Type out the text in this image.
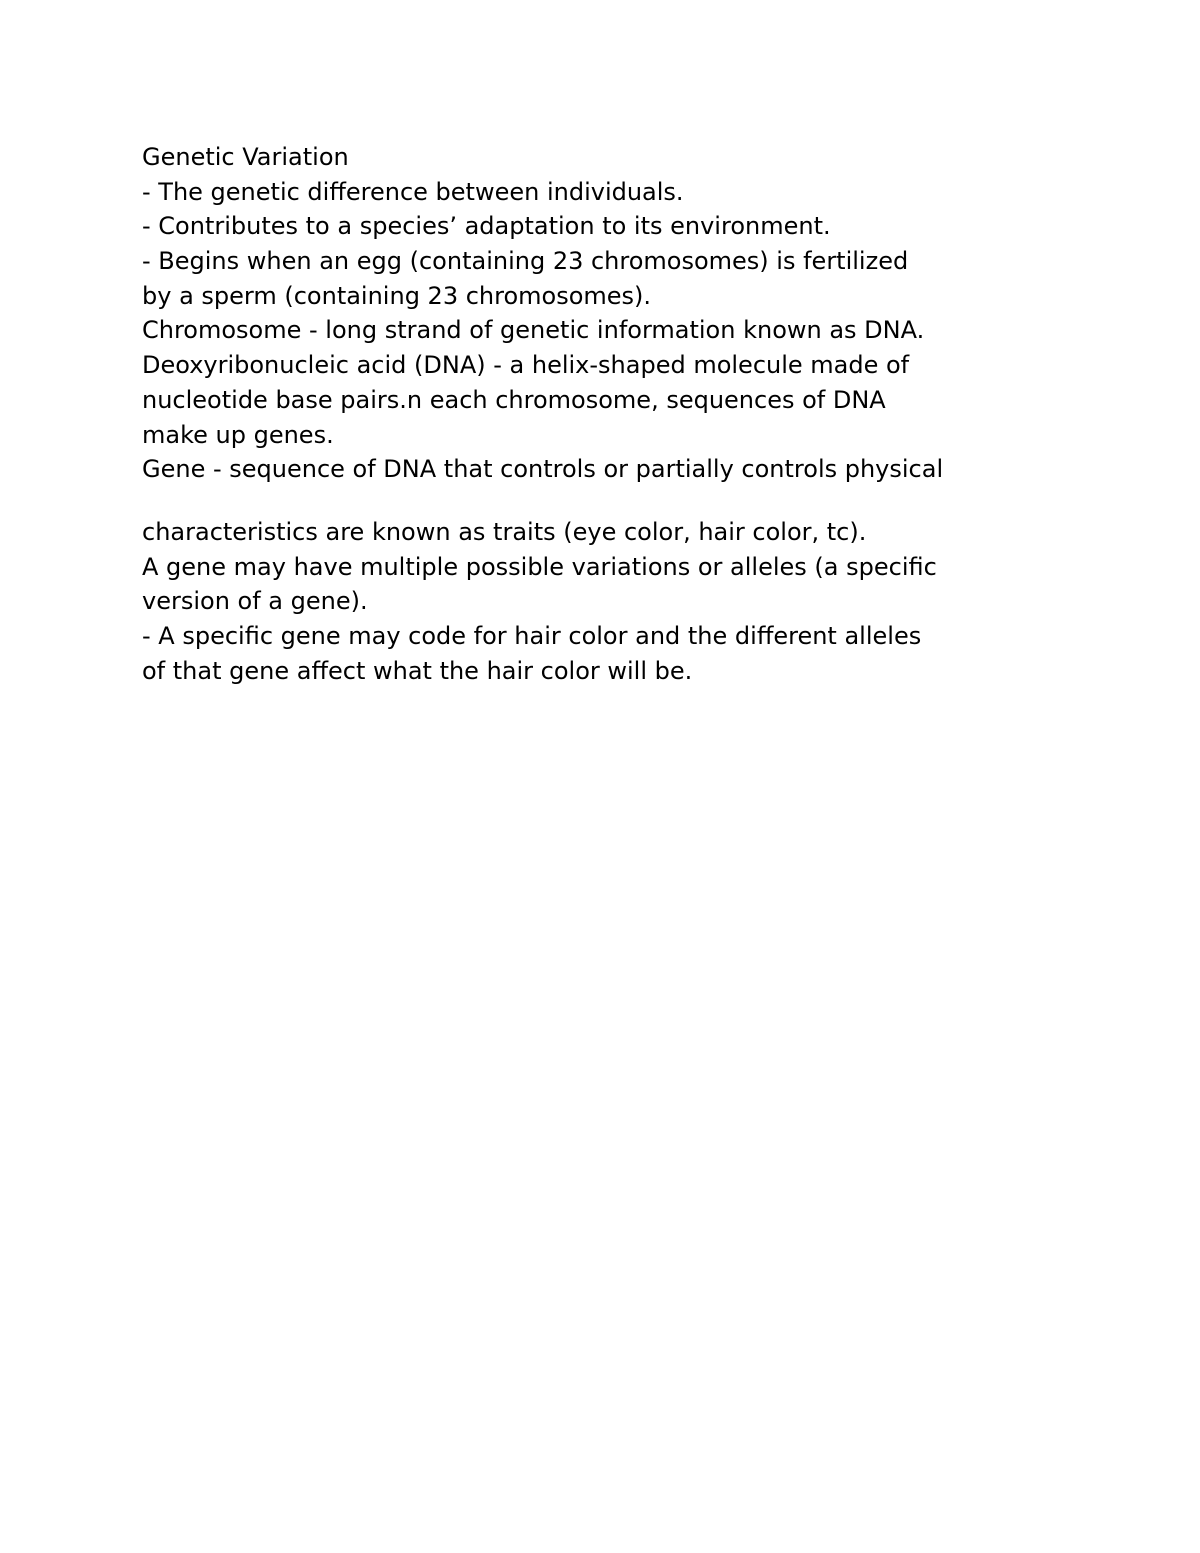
Genetic Variation
- The genetic difference between individuals.
- Contributes to a species’ adaptation to its environment.
- Begins when an egg (containing 23 chromosomes) is fertilized
by a sperm (containing 23 chromosomes).
Chromosome - long strand of genetic information known as DNA.
Deoxyribonucleic acid (DNA) - a helix-shaped molecule made of
nucleotide base pairs.n each chromosome, sequences of DNA
make up genes.
Gene - sequence of DNA that controls or partially controls physical
characteristics are known as traits (eye color, hair color, tc).
A gene may have multiple possible variations or alleles (a specific
version of a gene).
- A specific gene may code for hair color and the different alleles
of that gene affect what the hair color will be.
